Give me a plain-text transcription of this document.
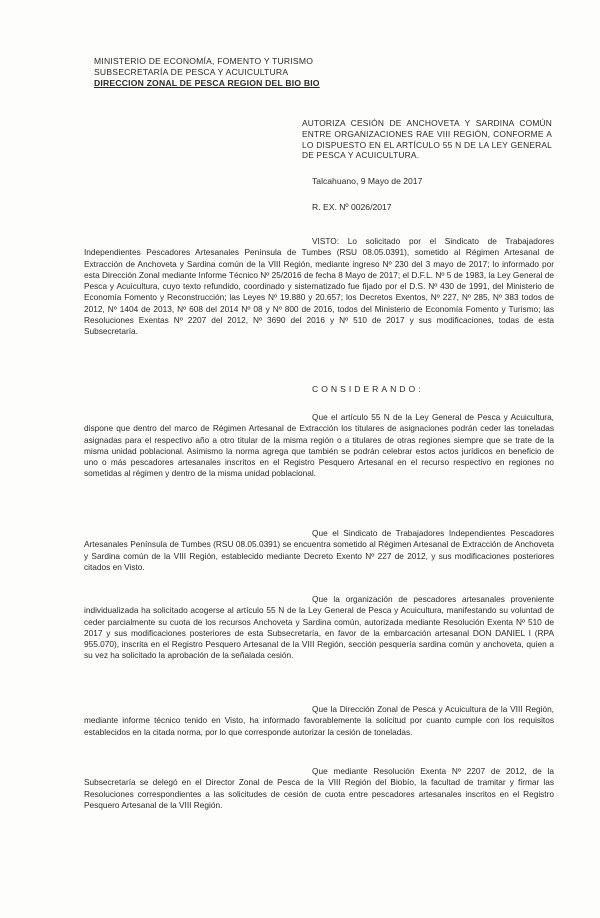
MINISTERIO DE ECONOMÍA, FOMENTO Y TURISMO
SUBSECRETARÍA DE PESCA Y ACUICULTURA
DIRECCION ZONAL DE PESCA REGION DEL BIO BIO
AUTORIZA CESIÓN DE ANCHOVETA Y SARDINA COMÚN ENTRE ORGANIZACIONES RAE VIII REGIÓN, CONFORME A LO DISPUESTO EN EL ARTÍCULO 55 N DE LA LEY GENERAL DE PESCA Y ACUICULTURA.
Talcahuano, 9 Mayo de 2017
R. EX. Nº 0026/2017
VISTO: Lo solicitado por el Sindicato de Trabajadores Independientes Pescadores Artesanales Península de Tumbes (RSU 08.05.0391), sometido al Régimen Artesanal de Extracción de Anchoveta y Sardina común de la VIII Región, mediante ingreso Nº 230 del 3 mayo de 2017; lo informado por esta Dirección Zonal mediante Informe Técnico Nº 25/2016 de fecha 8 Mayo de 2017; el D.F.L. Nº 5 de 1983, la Ley General de Pesca y Acuicultura, cuyo texto refundido, coordinado y sistematizado fue fijado por el D.S. Nº 430 de 1991, del Ministerio de Economía Fomento y Reconstrucción; las Leyes Nº 19.880 y 20.657; los Decretos Exentos, Nº 227, Nº 285, Nº 383 todos de 2012, Nº 1404 de 2013, Nº 608 del 2014 Nº 08 y Nº 800 de 2016, todos del Ministerio de Economía Fomento y Turismo; las Resoluciones Exentas Nº 2207 del 2012, Nº 3690 del 2016 y Nº 510 de 2017 y sus modificaciones, todas de esta Subsecretaría.
CONSIDERANDO:
Que el artículo 55 N de la Ley General de Pesca y Acuicultura, dispone que dentro del marco de Régimen Artesanal de Extracción los titulares de asignaciones podrán ceder las toneladas asignadas para el respectivo año a otro titular de la misma región o a titulares de otras regiones siempre que se trate de la misma unidad poblacional. Asimismo la norma agrega que también se podrán celebrar estos actos jurídicos en beneficio de uno o más pescadores artesanales inscritos en el Registro Pesquero Artesanal en el recurso respectivo en regiones no sometidas al régimen y dentro de la misma unidad poblacional.
Que el Sindicato de Trabajadores Independientes Pescadores Artesanales Península de Tumbes (RSU 08.05.0391) se encuentra sometido al Régimen Artesanal de Extracción de Anchoveta y Sardina común de la VIII Región, establecido mediante Decreto Exento Nº 227 de 2012, y sus modificaciones posteriores citados en Visto.
Que la organización de pescadores artesanales proveniente individualizada ha solicitado acogerse al artículo 55 N de la Ley General de Pesca y Acuicultura, manifestando su voluntad de ceder parcialmente su cuota de los recursos Anchoveta y Sardina común, autorizada mediante Resolución Exenta Nº 510 de 2017 y sus modificaciones posteriores de esta Subsecretaría, en favor de la embarcación artesanal DON DANIEL I (RPA 955.070), inscrita en el Registro Pesquero Artesanal de la VIII Región, sección pesquería sardina común y anchoveta, quien a su vez ha solicitado la aprobación de la señalada cesión.
Que la Dirección Zonal de Pesca y Acuicultura de la VIII Región, mediante informe técnico tenido en Visto, ha informado favorablemente la solicitud por cuanto cumple con los requisitos establecidos en la citada norma, por lo que corresponde autorizar la cesión de toneladas.
Que mediante Resolución Exenta Nº 2207 de 2012, de la Subsecretaría se delegó en el Director Zonal de Pesca de la VIII Región del Biobío, la facultad de tramitar y firmar las Resoluciones correspondientes a las solicitudes de cesión de cuota entre pescadores artesanales inscritos en el Registro Pesquero Artesanal de la VIII Región.
